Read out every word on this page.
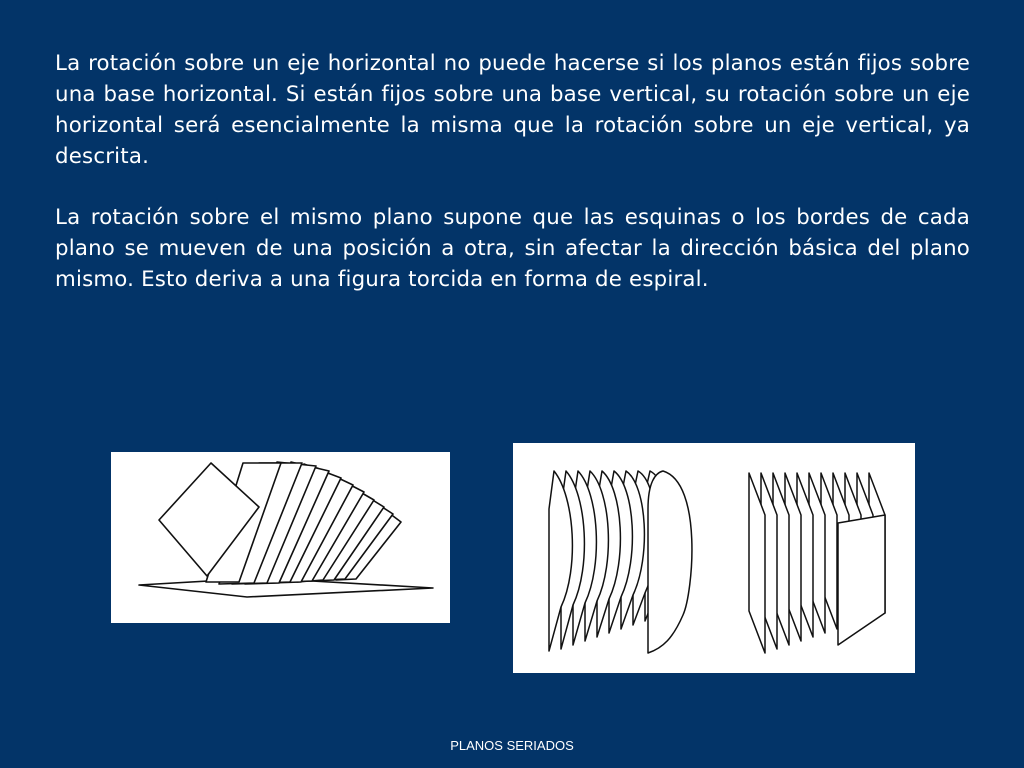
La rotación sobre un eje horizontal no puede hacerse si los planos están fijos sobre una base horizontal. Si están fijos sobre una base vertical, su rotación sobre un eje horizontal será esencialmente la misma que la rotación sobre un eje vertical, ya descrita.

La rotación sobre el mismo plano supone que las esquinas o los bordes de cada plano se mueven de una posición a otra, sin afectar la dirección básica del plano mismo. Esto deriva a una figura torcida en forma de espiral.

PLANOS SERIADOS
